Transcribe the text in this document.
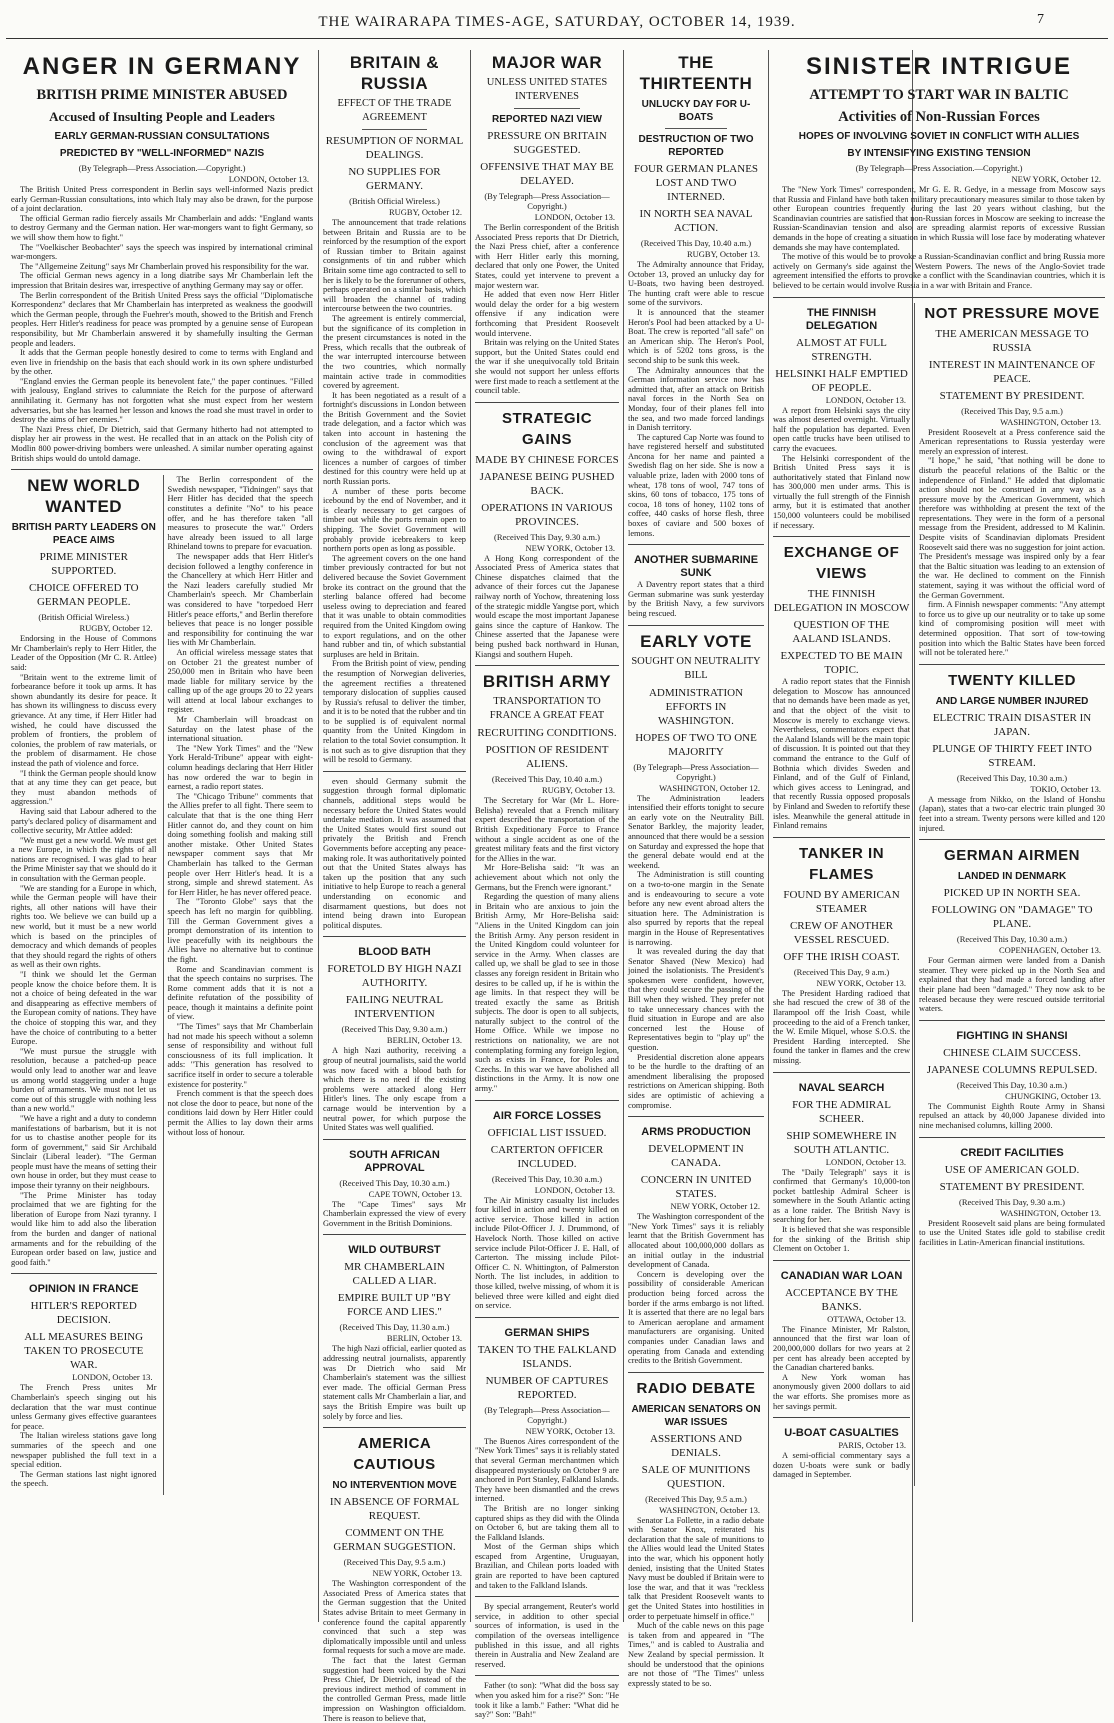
THE WAIRARAPA TIMES-AGE, SATURDAY, OCTOBER 14, 1939.	7
ANGER IN GERMANY
BRITISH PRIME MINISTER ABUSED
Accused of Insulting People and Leaders
EARLY GERMAN-RUSSIAN CONSULTATIONS
PREDICTED BY "WELL-INFORMED" NAZIS
(By Telegraph—Press Association.—Copyright.)
LONDON, October 13.

The British United Press correspondent in Berlin says well-informed Nazis predict early German-Russian consultations, into which Italy may also be drawn, for the purpose of a joint declaration.

The official German radio fiercely assails Mr Chamberlain and adds: "England wants to destroy Germany and the German nation. Her war-mongers want to fight Germany, so we will show them how to fight."

The "Voelkischer Beobachter" says the speech was inspired by international criminal war-mongers.

The "Allgemeine Zeitung" says Mr Chamberlain proved his responsibility for the war.

The official German news agency in a long diatribe says Mr Chamberlain left the impression that Britain desires war, irrespective of anything Germany may say or offer.

The Berlin correspondent of the British United Press says the official "Diplomatische Korrespondenz" declares that Mr Chamberlain has interpreted as weakness the goodwill which the German people, through the Fuehrer's mouth, showed to the British and French peoples. Herr Hitler's readiness for peace was prompted by a genuine sense of European responsibility, but Mr Chamberlain answered it by shamefully insulting the German people and leaders.

It adds that the German people honestly desired to come to terms with England and even live in friendship on the basis that each should work in its own sphere undisturbed by the other.

"England envies the German people its benevolent fate," the paper continues. "Filled with jealousy, England strives to calumniate the Reich for the purpose of afterward annihilating it. Germany has not forgotten what she must expect from her western adversaries, but she has learned her lesson and knows the road she must travel in order to destroy the aims of her enemies."

The Nazi Press chief, Dr Dietrich, said that Germany hitherto had not attempted to display her air prowess in the west. He recalled that in an attack on the Polish city of Modlin 800 power-driving bombers were unleashed. A similar number operating against British ships would do untold damage.

NEW WORLD WANTED
BRITISH PARTY LEADERS ON PEACE AIMS
PRIME MINISTER SUPPORTED.
CHOICE OFFERED TO GERMAN PEOPLE.
(British Official Wireless.)
RUGBY, October 12.

Endorsing in the House of Commons Mr Chamberlain's reply to Herr Hitler, the Leader of the Opposition (Mr C. R. Attlee) said:

"Britain went to the extreme limit of forbearance before it took up arms. It has shown abundantly its desire for peace. It has shown its willingness to discuss every grievance. At any time, if Herr Hitler had wished, he could have discussed the problem of frontiers, the problem of colonies, the problem of raw materials, or the problem of disarmament. He chose instead the path of violence and force.

"I think the German people should know that at any time they can get peace, but they must abandon methods of aggression."

Having said that Labour adhered to the party's declared policy of disarmament and collective security, Mr Attlee added:

"We must get a new world. We must get a new Europe, in which the rights of all nations are recognised. I was glad to hear the Prime Minister say that we should do it in consultation with the German people.

"We are standing for a Europe in which, while the German people will have their rights, all other nations will have their rights too. We believe we can build up a new world, but it must be a new world which is based on the principles of democracy and which demands of peoples that they should regard the rights of others as well as their own rights.

"I think we should let the German people know the choice before them. It is not a choice of being defeated in the war and disappearing as effective members of the European comity of nations. They have the choice of stopping this war, and they have the choice of contributing to a better Europe.

"We must pursue the struggle with resolution, because a patched-up peace would only lead to another war and leave us among world staggering under a huge burden of armaments. We must not let us come out of this struggle with nothing less than a new world."

"We have a right and a duty to condemn manifestations of barbarism, but it is not for us to chastise another people for its form of government," said Sir Archibald Sinclair (Liberal leader). "The German people must have the means of setting their own house in order, but they must cease to impose their tyranny on their neighbours.

"The Prime Minister has today proclaimed that we are fighting for the liberation of Europe from Nazi tyranny. I would like him to add also the liberation from the burden and danger of national armaments and for the rebuilding of the European order based on law, justice and good faith."

OPINION IN FRANCE
HITLER'S REPORTED DECISION.
ALL MEASURES BEING TAKEN TO PROSECUTE WAR.
LONDON, October 13.

The French Press unites Mr Chamberlain's speech singing out his declaration that the war must continue unless Germany gives effective guarantees for peace.

The Italian wireless stations gave long summaries of the speech and one newspaper published the full text in a special edition.

The German stations last night ignored the speech.

The Berlin correspondent of the Swedish newspaper, "Tidningen" says that Herr Hitler has decided that the speech constitutes a definite "No" to his peace offer, and he has therefore taken "all measures to prosecute the war." Orders have already been issued to all large Rhineland towns to prepare for evacuation.

The newspaper adds that Herr Hitler's decision followed a lengthy conference in the Chancellery at which Herr Hitler and the Nazi leaders carefully studied Mr Chamberlain's speech. Mr Chamberlain was considered to have "torpedoed Herr Hitler's peace efforts," and Berlin therefore believes that peace is no longer possible and responsibility for continuing the war lies with Mr Chamberlain.

An official wireless message states that on October 21 the greatest number of 250,000 men in Britain who have been made liable for military service by the calling up of the age groups 20 to 22 years will attend at local labour exchanges to register.

Mr Chamberlain will broadcast on Saturday on the latest phase of the international situation.

The "New York Times" and the "New York Herald-Tribune" appear with eight-column headings declaring that Herr Hitler has now ordered the war to begin in earnest, a radio report states.

The "Chicago Tribune" comments that the Allies prefer to all fight. There seem to calculate that that is the one thing Herr Hitler cannot do, and they count on him doing something foolish and making still another mistake. Other United States newspaper comment says that Mr Chamberlain has talked to the German people over Herr Hitler's head. It is a strong, simple and shrewd statement. As for Herr Hitler, he has never offered peace.

The "Toronto Globe" says that the speech has left no margin for quibbling. Till the German Government gives a prompt demonstration of its intention to live peacefully with its neighbours the Allies have no alternative but to continue the fight.

Rome and Scandinavian comment is that the speech contains no surprises. The Rome comment adds that it is not a definite refutation of the possibility of peace, though it maintains a definite point of view.

"The Times" says that Mr Chamberlain had not made his speech without a solemn sense of responsibility and without full consciousness of its full implication. It adds: "This generation has resolved to sacrifice itself in order to secure a tolerable existence for posterity."

French comment is that the speech does not close the door to peace, but none of the conditions laid down by Herr Hitler could permit the Allies to lay down their arms without loss of honour.

BRITAIN & RUSSIA
EFFECT OF THE TRADE AGREEMENT
RESUMPTION OF NORMAL DEALINGS.
NO SUPPLIES FOR GERMANY.
(British Official Wireless.)
RUGBY, October 12.

The announcement that trade relations between Britain and Russia are to be reinforced by the resumption of the export of Russian timber to Britain against consignments of tin and rubber which Britain some time ago contracted to sell to her is likely to be the forerunner of others, perhaps operated on a similar basis, which will broaden the channel of trading intercourse between the two countries.

The agreement is entirely commercial, but the significance of its completion in the present circumstances is noted in the Press, which recalls that the outbreak of the war interrupted intercourse between the two countries, which normally maintain active trade in commodities covered by agreement.

It has been negotiated as a result of a fortnight's discussions in London between the British Government and the Soviet trade delegation, and a factor which was taken into account in hastening the conclusion of the agreement was that owing to the withdrawal of export licences a number of cargoes of timber destined for this country were held up at north Russian ports.

A number of these ports become icebound by the end of November, and it is clearly necessary to get cargoes of timber out while the ports remain open to shipping. The Soviet Government will probably provide icebreakers to keep northern ports open as long as possible.

The agreement covers on the one hand timber previously contracted for but not delivered because the Soviet Government broke its contract on the ground that the sterling balance offered had become useless owing to depreciation and feared that it was unable to obtain commodities required from the United Kingdom owing to export regulations, and on the other hand rubber and tin, of which substantial surpluses are held in Britain.

From the British point of view, pending the resumption of Norwegian deliveries, the agreement rectifies a threatened temporary dislocation of supplies caused by Russia's refusal to deliver the timber, and it is to be noted that the rubber and tin to be supplied is of equivalent normal quantity from the United Kingdom in relation to the total Soviet consumption. It is not such as to give disruption that they will be resold to Germany.

even should Germany submit the suggestion through formal diplomatic channels, additional steps would be necessary before the United States would undertake mediation. It was assumed that the United States would first sound out privately the British and French Governments before accepting any peace-making role. It was authoritatively pointed out that the United States always has taken up the position that any such initiative to help Europe to reach a general understanding on economic and disarmament questions, but does not intend being drawn into European political disputes.

BLOOD BATH
FORETOLD BY HIGH NAZI AUTHORITY.
FAILING NEUTRAL INTERVENTION
(Received This Day, 9.30 a.m.)
BERLIN, October 13.

A high Nazi authority, receiving a group of neutral journalists, said the world was now faced with a blood bath for which there is no need if the existing problems were attacked along Herr Hitler's lines. The only escape from a carnage would be intervention by a neutral power, for which purpose the United States was well qualified.

SOUTH AFRICAN APPROVAL
(Received This Day, 10.30 a.m.)
CAPE TOWN, October 13.

The "Cape Times" says Mr Chamberlain expressed the view of every Government in the British Dominions.

WILD OUTBURST
MR CHAMBERLAIN CALLED A LIAR.
EMPIRE BUILT UP "BY FORCE AND LIES."
(Received This Day, 11.30 a.m.)
BERLIN, October 13.

The high Nazi official, earlier quoted as addressing neutral journalists, apparently was Dr Dietrich who said Mr Chamberlain's statement was the silliest ever made. The official German Press statement calls Mr Chamberlain a liar, and says the British Empire was built up solely by force and lies.

AMERICA CAUTIOUS
NO INTERVENTION MOVE
IN ABSENCE OF FORMAL REQUEST.
COMMENT ON THE GERMAN SUGGESTION.
(Received This Day, 9.5 a.m.)
NEW YORK, October 13.

The Washington correspondent of the Associated Press of America states that the German suggestion that the United States advise Britain to meet Germany in conference found the capital apparently convinced that such a step was diplomatically impossible until and unless formal requests for such a move are made.

The fact that the latest German suggestion had been voiced by the Nazi Press Chief, Dr Dietrich, instead of the previous indirect method of comment in the controlled German Press, made little impression on Washington officialdom. There is reason to believe that,

MAJOR WAR
UNLESS UNITED STATES INTERVENES
REPORTED NAZI VIEW
PRESSURE ON BRITAIN SUGGESTED.
OFFENSIVE THAT MAY BE DELAYED.
(By Telegraph—Press Association—Copyright.)
LONDON, October 13.

The Berlin correspondent of the British Associated Press reports that Dr Dietrich, the Nazi Press chief, after a conference with Herr Hitler early this morning, declared that only one Power, the United States, could yet intervene to prevent a major western war.

He added that even now Herr Hitler would delay the order for a big western offensive if any indication were forthcoming that President Roosevelt would intervene.

Britain was relying on the United States support, but the United States could end the war if she unequivocally told Britain she would not support her unless efforts were first made to reach a settlement at the council table.

STRATEGIC GAINS
MADE BY CHINESE FORCES
JAPANESE BEING PUSHED BACK.
OPERATIONS IN VARIOUS PROVINCES.
(Received This Day, 9.30 a.m.)
NEW YORK, October 13.

A Hong Kong correspondent of the Associated Press of America states that Chinese dispatches claimed that the advance of their forces cut the Japanese railway north of Yochow, threatening loss of the strategic middle Yangtse port, which would escape the most important Japanese gains since the capture of Hankow. The Chinese asserted that the Japanese were being pushed back northward in Hunan, Kiangsi and southern Hupeh.

BRITISH ARMY
TRANSPORTATION TO FRANCE A GREAT FEAT
RECRUITING CONDITIONS.
POSITION OF RESIDENT ALIENS.
(Received This Day, 10.40 a.m.)
RUGBY, October 13.

The Secretary for War (Mr L. Hore-Belisha) revealed that a French military expert described the transportation of the British Expeditionary Force to France without a single accident as one of the greatest military feats and the first victory for the Allies in the war.

Mr Hore-Belisha said: "It was an achievement about which not only the Germans, but the French were ignorant."

Regarding the question of many aliens in Britain who are anxious to join the British Army, Mr Hore-Belisha said: "Aliens in the United Kingdom can join the British Army. Any person resident in the United Kingdom could volunteer for service in the Army. When classes are called up, we shall be glad to see in those classes any foreign resident in Britain who desires to be called up, if he is within the age limits. In that respect they will be treated exactly the same as British subjects. The door is open to all subjects, naturally subject to the control of the Home Office. While we impose no restrictions on nationality, we are not contemplating forming any foreign legion, such as exists in France, for Poles and Czechs. In this war we have abolished all distinctions in the Army. It is now one army."

AIR FORCE LOSSES
OFFICIAL LIST ISSUED.
CARTERTON OFFICER INCLUDED.
(Received This Day, 10.30 a.m.)
LONDON, October 13.

The Air Ministry casualty list includes four killed in action and twenty killed on active service. Those killed in action include Pilot-Officer J. J. Drummond, of Havelock North. Those killed on active service include Pilot-Officer J. E. Hall, of Carterton. The missing include Pilot-Officer C. N. Whittington, of Palmerston North. The list includes, in addition to those killed, twelve missing, of whom it is believed three were killed and eight died on service.

GERMAN SHIPS
TAKEN TO THE FALKLAND ISLANDS.
NUMBER OF CAPTURES REPORTED.
(By Telegraph—Press Association—Copyright.)
NEW YORK, October 13.

The Buenos Aires correspondent of the "New York Times" says it is reliably stated that several German merchantmen which disappeared mysteriously on October 9 are anchored in Port Stanley, Falkland Islands. They have been dismantled and the crews interned.

The British are no longer sinking captured ships as they did with the Olinda on October 6, but are taking them all to the Falkland Islands.

Most of the German ships which escaped from Argentine, Uruguayan, Brazilian, and Chilean ports loaded with grain are reported to have been captured and taken to the Falkland Islands.

By special arrangement, Reuter's world service, in addition to other special sources of information, is used in the compilation of the overseas intelligence published in this issue, and all rights therein in Australia and New Zealand are reserved.

Father (to son): "What did the boss say when you asked him for a rise?" Son: "He took it like a lamb." Father: "What did he say?" Son: "Bah!"

THE THIRTEENTH
UNLUCKY DAY FOR U-BOATS
DESTRUCTION OF TWO REPORTED
FOUR GERMAN PLANES LOST AND TWO INTERNED.
IN NORTH SEA NAVAL ACTION.
(Received This Day, 10.40 a.m.)
RUGBY, October 13.

The Admiralty announce that Friday, October 13, proved an unlucky day for U-Boats, two having been destroyed. The hunting craft were able to rescue some of the survivors.

It is announced that the steamer Heron's Pool had been attacked by a U-Boat. The crew is reported "all safe" on an American ship. The Heron's Pool, which is of 5202 tons gross, is the second ship to be sunk this week.

The Admiralty announces that the German information service now has admitted that, after an attack on British naval forces in the North Sea on Monday, four of their planes fell into the sea, and two made forced landings in Danish territory.

The captured Cap Norte was found to have registered herself and substituted Ancona for her name and painted a Swedish flag on her side. She is now a valuable prize, laden with 2000 tons of wheat, 178 tons of wool, 747 tons of skins, 60 tons of tobacco, 175 tons of cocoa, 18 tons of honey, 1102 tons of coffee, 440 casks of horse flesh, three boxes of caviare and 500 boxes of lemons.

ANOTHER SUBMARINE SUNK

A Daventry report states that a third German submarine was sunk yesterday by the British Navy, a few survivors being rescued.

EARLY VOTE
SOUGHT ON NEUTRALITY BILL
ADMINISTRATION EFFORTS IN WASHINGTON.
HOPES OF TWO TO ONE MAJORITY
(By Telegraph—Press Association—Copyright.)
WASHINGTON, October 12.

The Administration leaders intensified their efforts tonight to secure an early vote on the Neutrality Bill. Senator Barkley, the majority leader, announced that there would be a session on Saturday and expressed the hope that the general debate would end at the weekend.

The Administration is still counting on a two-to-one margin in the Senate and is endeavouring to secure a vote before any new event abroad alters the situation here. The Administration is also spurred by reports that the repeal margin in the House of Representatives is narrowing.

It was revealed during the day that Senator Shaved (New Mexico) had joined the isolationists. The President's spokesmen were confident, however, that they could secure the passing of the Bill when they wished. They prefer not to take unnecessary chances with the fluid situation in Europe and are also concerned lest the House of Representatives begin to "play up" the question.

Presidential discretion alone appears to be the hurdle to the drafting of an amendment liberalising the proposed restrictions on American shipping. Both sides are optimistic of achieving a compromise.

ARMS PRODUCTION
DEVELOPMENT IN CANADA.
CONCERN IN UNITED STATES.
NEW YORK, October 12.

The Washington correspondent of the "New York Times" says it is reliably learnt that the British Government has allocated about 100,000,000 dollars as an initial outlay in the industrial development of Canada.

Concern is developing over the possibility of considerable American production being forced across the border if the arms embargo is not lifted. It is asserted that there are no legal bars to American aeroplane and armament manufacturers are organising. United companies under Canadian laws and operating from Canada and extending credits to the British Government.

RADIO DEBATE
AMERICAN SENATORS ON WAR ISSUES
ASSERTIONS AND DENIALS.
SALE OF MUNITIONS QUESTION.
(Received This Day, 9.5 a.m.)
WASHINGTON, October 13.

Senator La Follette, in a radio debate with Senator Knox, reiterated his declaration that the sale of munitions to the Allies would lead the United States into the war, which his opponent hotly denied, insisting that the United States Navy must be doubled if Britain were to lose the war, and that it was "reckless talk that President Roosevelt wants to get the United States into hostilities in order to perpetuate himself in office."

Much of the cable news on this page is taken from and appeared in "The Times," and is cabled to Australia and New Zealand by special permission. It should be understood that the opinions are not those of "The Times" unless expressly stated to be so.

SINISTER INTRIGUE
ATTEMPT TO START WAR IN BALTIC
Activities of Non-Russian Forces
HOPES OF INVOLVING SOVIET IN CONFLICT WITH ALLIES
BY INTENSIFYING EXISTING TENSION
(By Telegraph—Press Association.—Copyright.)
NEW YORK, October 12.

The "New York Times" correspondent, Mr G. E. R. Gedye, in a message from Moscow says that Russia and Finland have both taken military precautionary measures similar to those taken by other European countries frequently during the last 20 years without clashing, but the Scandinavian countries are satisfied that non-Russian forces in Moscow are seeking to increase the Russian-Scandinavian tension and also are spreading alarmist reports of excessive Russian demands in the hope of creating a situation in which Russia will lose face by moderating whatever demands she may have contemplated.

The motive of this would be to provoke a Russian-Scandinavian conflict and bring Russia more actively on Germany's side against the Western Powers. The news of the Anglo-Soviet trade agreement intensified the efforts to provoke a conflict with the Scandinavian countries, which it is believed to be certain would involve Russia in a war with Britain and France.

THE FINNISH DELEGATION
ALMOST AT FULL STRENGTH.
HELSINKI HALF EMPTIED OF PEOPLE.
LONDON, October 13.

A report from Helsinki says the city was almost deserted overnight. Virtually half the population has departed. Even open cattle trucks have been utilised to carry the evacuees.

The Helsinki correspondent of the British United Press says it is authoritatively stated that Finland now has 300,000 men under arms. This is virtually the full strength of the Finnish army, but it is estimated that another 150,000 volunteers could be mobilised if necessary.

EXCHANGE OF VIEWS
THE FINNISH DELEGATION IN MOSCOW
QUESTION OF THE AALAND ISLANDS.
EXPECTED TO BE MAIN TOPIC.

A radio report states that the Finnish delegation to Moscow has announced that no demands have been made as yet, and that the object of the visit to Moscow is merely to exchange views. Nevertheless, commentators expect that the Aaland Islands will be the main topic of discussion. It is pointed out that they command the entrance to the Gulf of Bothnia which divides Sweden and Finland, and of the Gulf of Finland, which gives access to Leningrad, and that recently Russia opposed proposals by Finland and Sweden to refortify these isles. Meanwhile the general attitude in Finland remains

TANKER IN FLAMES
FOUND BY AMERICAN STEAMER
CREW OF ANOTHER VESSEL RESCUED.
OFF THE IRISH COAST.
(Received This Day, 9 a.m.)
NEW YORK, October 13.

The President Harding radioed that she had rescued the crew of 38 of the Ilarampool off the Irish Coast, while proceeding to the aid of a French tanker, the W. Emile Miquel, whose S.O.S. the President Harding intercepted. She found the tanker in flames and the crew missing.

NAVAL SEARCH
FOR THE ADMIRAL SCHEER.
SHIP SOMEWHERE IN SOUTH ATLANTIC.
LONDON, October 13.

The "Daily Telegraph" says it is confirmed that Germany's 10,000-ton pocket battleship Admiral Scheer is somewhere in the South Atlantic acting as a lone raider. The British Navy is searching for her.

It is believed that she was responsible for the sinking of the British ship Clement on October 1.

CANADIAN WAR LOAN
ACCEPTANCE BY THE BANKS.
OTTAWA, October 13.

The Finance Minister, Mr Ralston, announced that the first war loan of 200,000,000 dollars for two years at 2 per cent has already been accepted by the Canadian chartered banks.

A New York woman has anonymously given 2000 dollars to aid the war efforts. She promises more as her savings permit.

U-BOAT CASUALTIES
PARIS, October 13.

A semi-official commentary says a dozen U-boats were sunk or badly damaged in September.

NOT PRESSURE MOVE
THE AMERICAN MESSAGE TO RUSSIA
INTEREST IN MAINTENANCE OF PEACE.
STATEMENT BY PRESIDENT.
(Received This Day, 9.5 a.m.)
WASHINGTON, October 13.

President Roosevelt at a Press conference said the American representations to Russia yesterday were merely an expression of interest.

"I hope," he said, "that nothing will be done to disturb the peaceful relations of the Baltic or the independence of Finland." He added that diplomatic action should not be construed in any way as a pressure move by the American Government, which therefore was withholding at present the text of the representations. They were in the form of a personal message from the President, addressed to M Kalinin. Despite visits of Scandinavian diplomats President Roosevelt said there was no suggestion for joint action. The President's message was inspired only by a fear that the Baltic situation was leading to an extension of the war. He declined to comment on the Finnish statement, saying it was without the official word of the German Government.

firm. A Finnish newspaper comments: "Any attempt to force us to give up our neutrality or to take up some kind of compromising position will meet with determined opposition. That sort of tow-towing position into which the Baltic States have been forced will not be tolerated here."

TWENTY KILLED
AND LARGE NUMBER INJURED
ELECTRIC TRAIN DISASTER IN JAPAN.
PLUNGE OF THIRTY FEET INTO STREAM.
(Received This Day, 10.30 a.m.)
TOKIO, October 13.

A message from Nikko, on the Island of Honshu (Japan), states that a two-car electric train plunged 30 feet into a stream. Twenty persons were killed and 120 injured.

GERMAN AIRMEN
LANDED IN DENMARK
PICKED UP IN NORTH SEA.
FOLLOWING ON "DAMAGE" TO PLANE.
(Received This Day, 10.30 a.m.)
COPENHAGEN, October 13.

Four German airmen were landed from a Danish steamer. They were picked up in the North Sea and explained that they had made a forced landing after their plane had been "damaged." They now ask to be released because they were rescued outside territorial waters.

FIGHTING IN SHANSI
CHINESE CLAIM SUCCESS.
JAPANESE COLUMNS REPULSED.
(Received This Day, 10.30 a.m.)
CHUNGKING, October 13.

The Communist Eighth Route Army in Shansi repulsed an attack by 40,000 Japanese divided into nine mechanised columns, killing 2000.

CREDIT FACILITIES
USE OF AMERICAN GOLD.
STATEMENT BY PRESIDENT.
(Received This Day, 9.30 a.m.)
WASHINGTON, October 13.

President Roosevelt said plans are being formulated to use the United States idle gold to stabilise credit facilities in Latin-American financial institutions.
